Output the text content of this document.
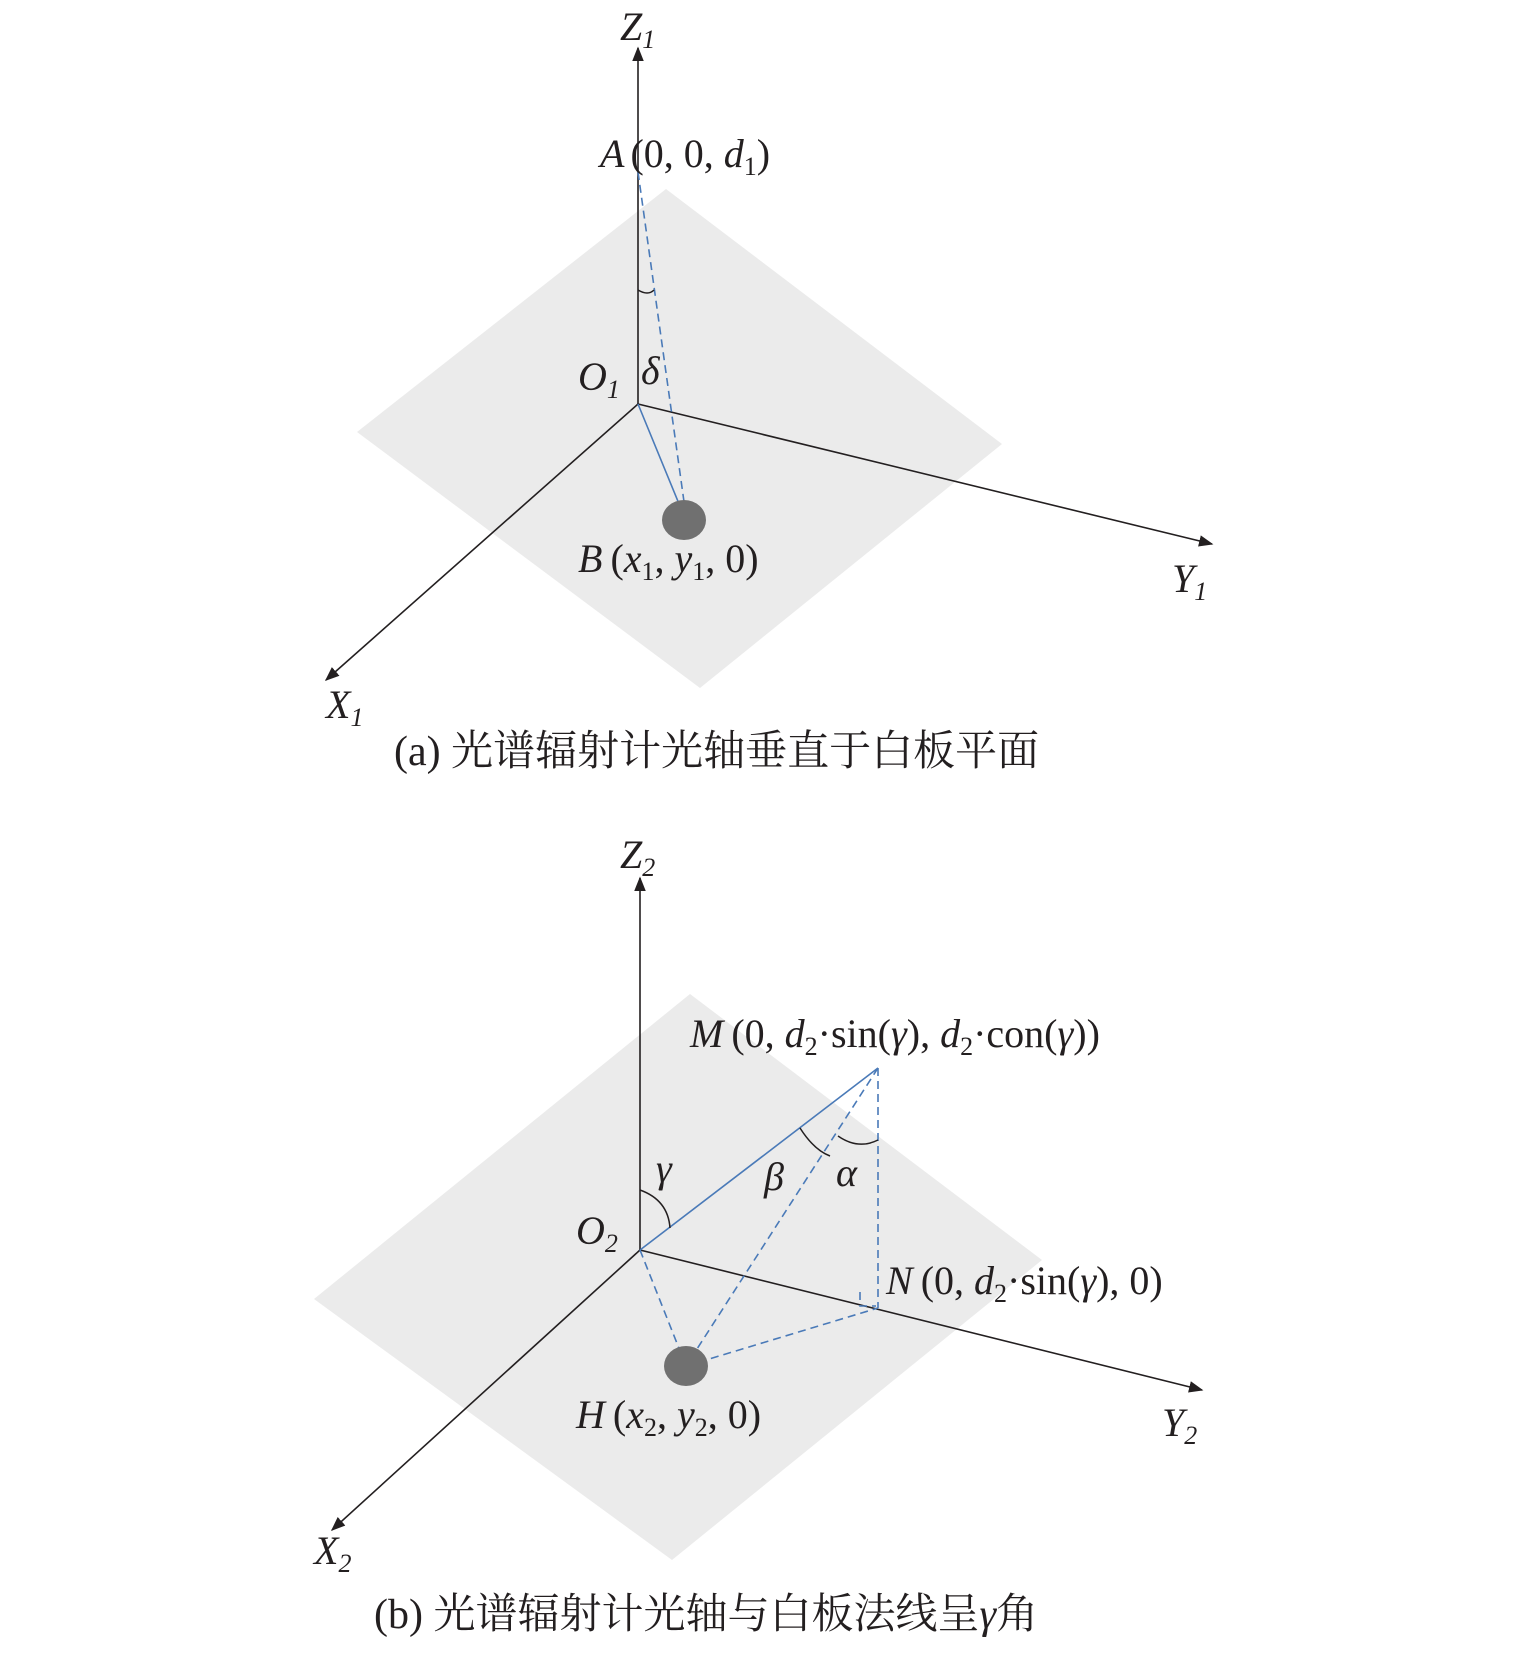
$Z_1$
$Y_1$
$X_1$
$O_1$
A (0, 0, $d_1$)
B ($x_1$, $y_1$, 0)
δ
(a) 光谱辐射计光轴垂直于白板平面
$Z_2$
$Y_2$
$X_2$
$O_2$
M (0, $d_2\cdot\sin(\gamma)$, $d_2\cdot con(\gamma)$)
N (0, $d_2\cdot\sin(\gamma)$, 0)
H ($x_2$, $y_2$, 0)
γ β α
(b) 光谱辐射计光轴与白板法线呈γ角
